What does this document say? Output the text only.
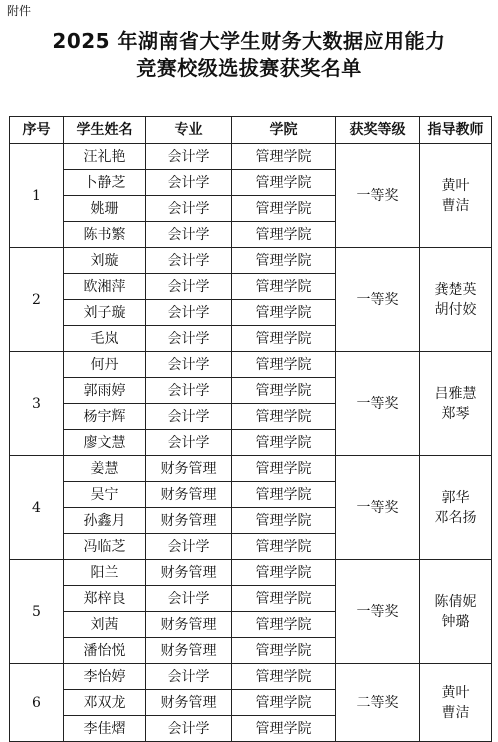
附件
2025 年湖南省大学生财务大数据应用能力
竞赛校级选拔赛获奖名单
序号	学生姓名	专业	学院	获奖等级	指导教师
1	汪礼艳	会计学	管理学院	一等奖	黄叶
曹洁

	卜静芝	会计学	管理学院		
	姚珊	会计学	管理学院		
	陈书繁	会计学	管理学院		
2	刘璇	会计学	管理学院	一等奖	龚楚英
胡付姣

	欧湘萍	会计学	管理学院		
	刘子璇	会计学	管理学院		
	毛岚	会计学	管理学院		
3	何丹	会计学	管理学院	一等奖	吕雅慧
郑琴

	郭雨婷	会计学	管理学院		
	杨宇辉	会计学	管理学院		
	廖文慧	会计学	管理学院		
4	姜慧	财务管理	管理学院	一等奖	郭华
邓名扬

	吴宁	财务管理	管理学院		
	孙鑫月	财务管理	管理学院		
	冯临芝	会计学	管理学院		
5	阳兰	财务管理	管理学院	一等奖	陈倩妮
钟璐

	郑梓良	会计学	管理学院		
	刘茜	财务管理	管理学院		
	潘怡悦	财务管理	管理学院		
6	李怡婷	会计学	管理学院	二等奖	黄叶
曹洁

	邓双龙	财务管理	管理学院		
	李佳熠	会计学	管理学院		
